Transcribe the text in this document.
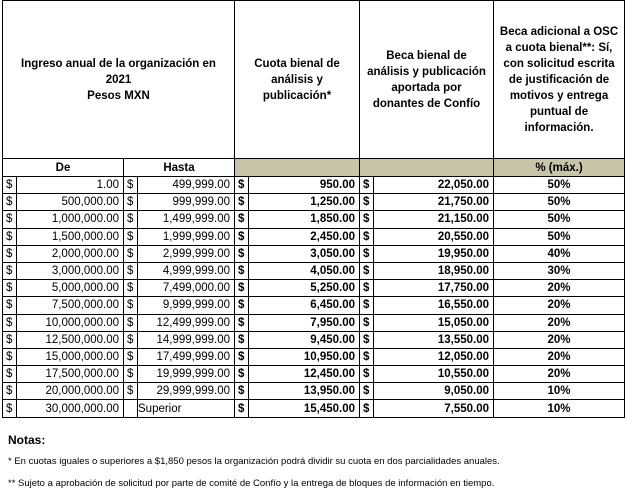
Ingreso anual de la organización en 2021
Pesos MXN				Cuota bienal de análisis y publicación*		Beca bienal de análisis y publicación aportada por donantes de Confío		Beca adicional a OSC a cuota bienal**: Sí, con solicitud escrita de justificación de motivos y entrega puntual de información.

De		Hasta						% (máx.)
$	1.00	$	499,999.00	$	950.00	$	22,050.00	50%
$	500,000.00	$	999,999.00	$	1,250.00	$	21,750.00	50%
$	1,000,000.00	$	1,499,999.00	$	1,850.00	$	21,150.00	50%
$	1,500,000.00	$	1,999,999.00	$	2,450.00	$	20,550.00	50%
$	2,000,000.00	$	2,999,999.00	$	3,050.00	$	19,950.00	40%
$	3,000,000.00	$	4,999,999.00	$	4,050.00	$	18,950.00	30%
$	5,000,000.00	$	7,499,000.00	$	5,250.00	$	17,750.00	20%
$	7,500,000.00	$	9,999,999.00	$	6,450.00	$	16,550.00	20%
$	10,000,000.00	$	12,499,999.00	$	7,950.00	$	15,050.00	20%
$	12,500,000.00	$	14,999,999.00	$	9,450.00	$	13,550.00	20%
$	15,000,000.00	$	17,499,999.00	$	10,950.00	$	12,050.00	20%
$	17,500,000.00	$	19,999,999.00	$	12,450.00	$	10,550.00	20%
$	20,000,000.00	$	29,999,999.00	$	13,950.00	$	9,050.00	10%
$	30,000,000.00		Superior	$	15,450.00	$	7,550.00	10%
Notas:
* En cuotas iguales o superiores a $1,850 pesos la organización podrá dividir su cuota en dos parcialidades anuales.
** Sujeto a aprobación de solicitud por parte de comité de Confío y la entrega de bloques de información en tiempo.
